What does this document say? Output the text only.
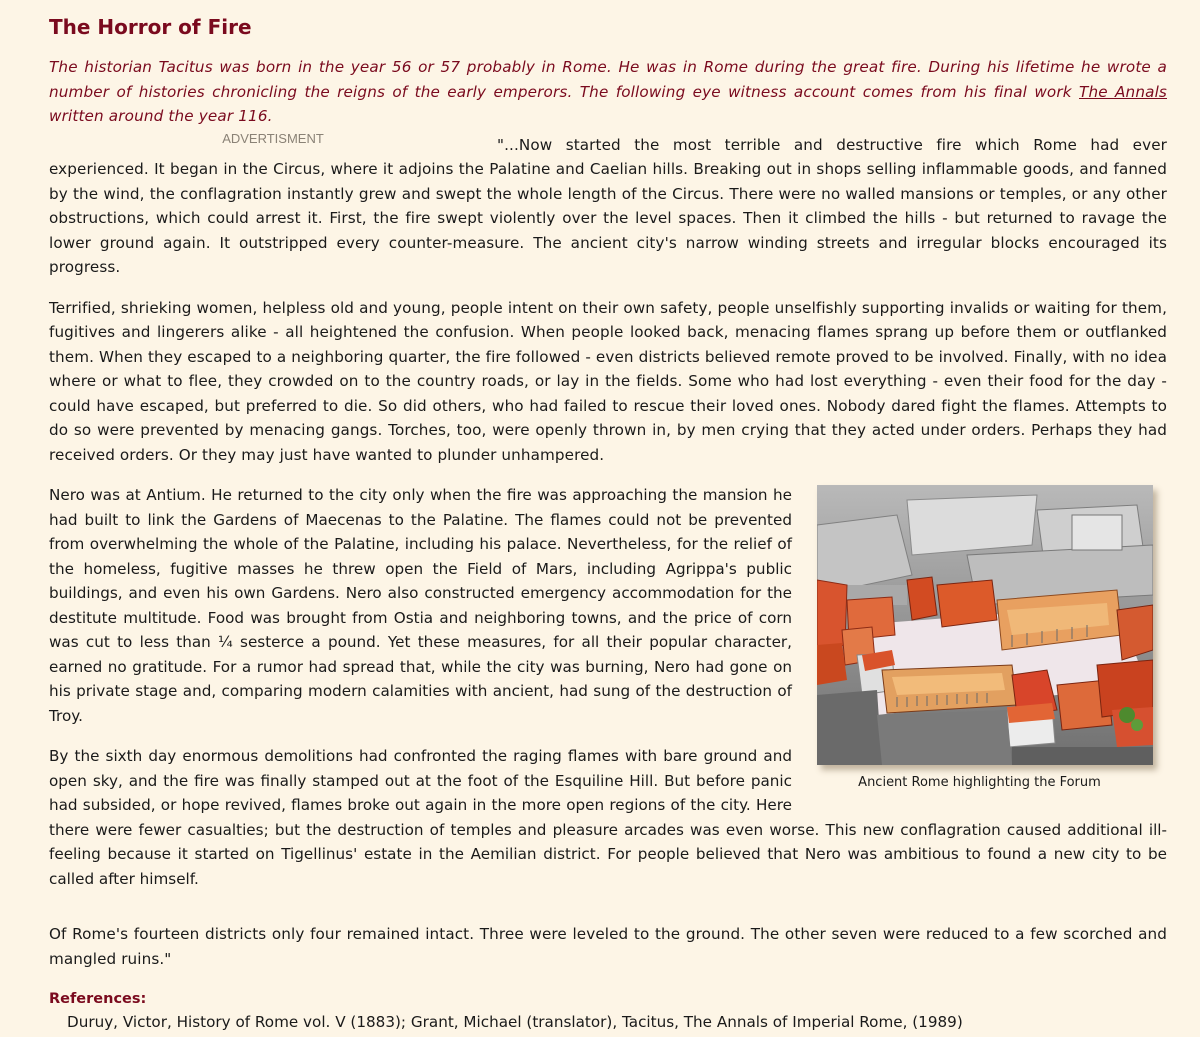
The Horror of Fire

The historian Tacitus was born in the year 56 or 57 probably in Rome. He was in Rome during the great fire. During his lifetime he wrote a number of histories chronicling the reigns of the early emperors. The following eye witness account comes from his final work The Annals written around the year 116.

ADVERTISMENT	"...Now started the most terrible and destructive fire which Rome had ever experienced. It began in the Circus, where it adjoins the Palatine and Caelian hills. Breaking out in shops selling inflammable goods, and fanned by the wind, the conflagration instantly grew and swept the whole length of the Circus. There were no walled mansions or temples, or any other obstructions, which could arrest it. First, the fire swept violently over the level spaces. Then it climbed the hills - but returned to ravage the lower ground again. It outstripped every counter-measure. The ancient city's narrow winding streets and irregular blocks encouraged its progress.

Terrified, shrieking women, helpless old and young, people intent on their own safety, people unselfishly supporting invalids or waiting for them, fugitives and lingerers alike - all heightened the confusion. When people looked back, menacing flames sprang up before them or outflanked them. When they escaped to a neighboring quarter, the fire followed - even districts believed remote proved to be involved. Finally, with no idea where or what to flee, they crowded on to the country roads, or lay in the fields. Some who had lost everything - even their food for the day - could have escaped, but preferred to die. So did others, who had failed to rescue their loved ones. Nobody dared fight the flames. Attempts to do so were prevented by menacing gangs. Torches, too, were openly thrown in, by men crying that they acted under orders. Perhaps they had received orders. Or they may just have wanted to plunder unhampered.

Ancient Rome highlighting the Forum

Nero was at Antium. He returned to the city only when the fire was approaching the mansion he had built to link the Gardens of Maecenas to the Palatine. The flames could not be prevented from overwhelming the whole of the Palatine, including his palace. Nevertheless, for the relief of the homeless, fugitive masses he threw open the Field of Mars, including Agrippa's public buildings, and even his own Gardens. Nero also constructed emergency accommodation for the destitute multitude. Food was brought from Ostia and neighboring towns, and the price of corn was cut to less than ¼ sesterce a pound. Yet these measures, for all their popular character, earned no gratitude. For a rumor had spread that, while the city was burning, Nero had gone on his private stage and, comparing modern calamities with ancient, had sung of the destruction of Troy.

By the sixth day enormous demolitions had confronted the raging flames with bare ground and open sky, and the fire was finally stamped out at the foot of the Esquiline Hill. But before panic had subsided, or hope revived, flames broke out again in the more open regions of the city. Here there were fewer casualties; but the destruction of temples and pleasure arcades was even worse. This new conflagration caused additional ill-feeling because it started on Tigellinus' estate in the Aemilian district. For people believed that Nero was ambitious to found a new city to be called after himself.

Of Rome's fourteen districts only four remained intact. Three were leveled to the ground. The other seven were reduced to a few scorched and mangled ruins."

References:
Duruy, Victor, History of Rome vol. V (1883); Grant, Michael (translator), Tacitus, The Annals of Imperial Rome, (1989)
